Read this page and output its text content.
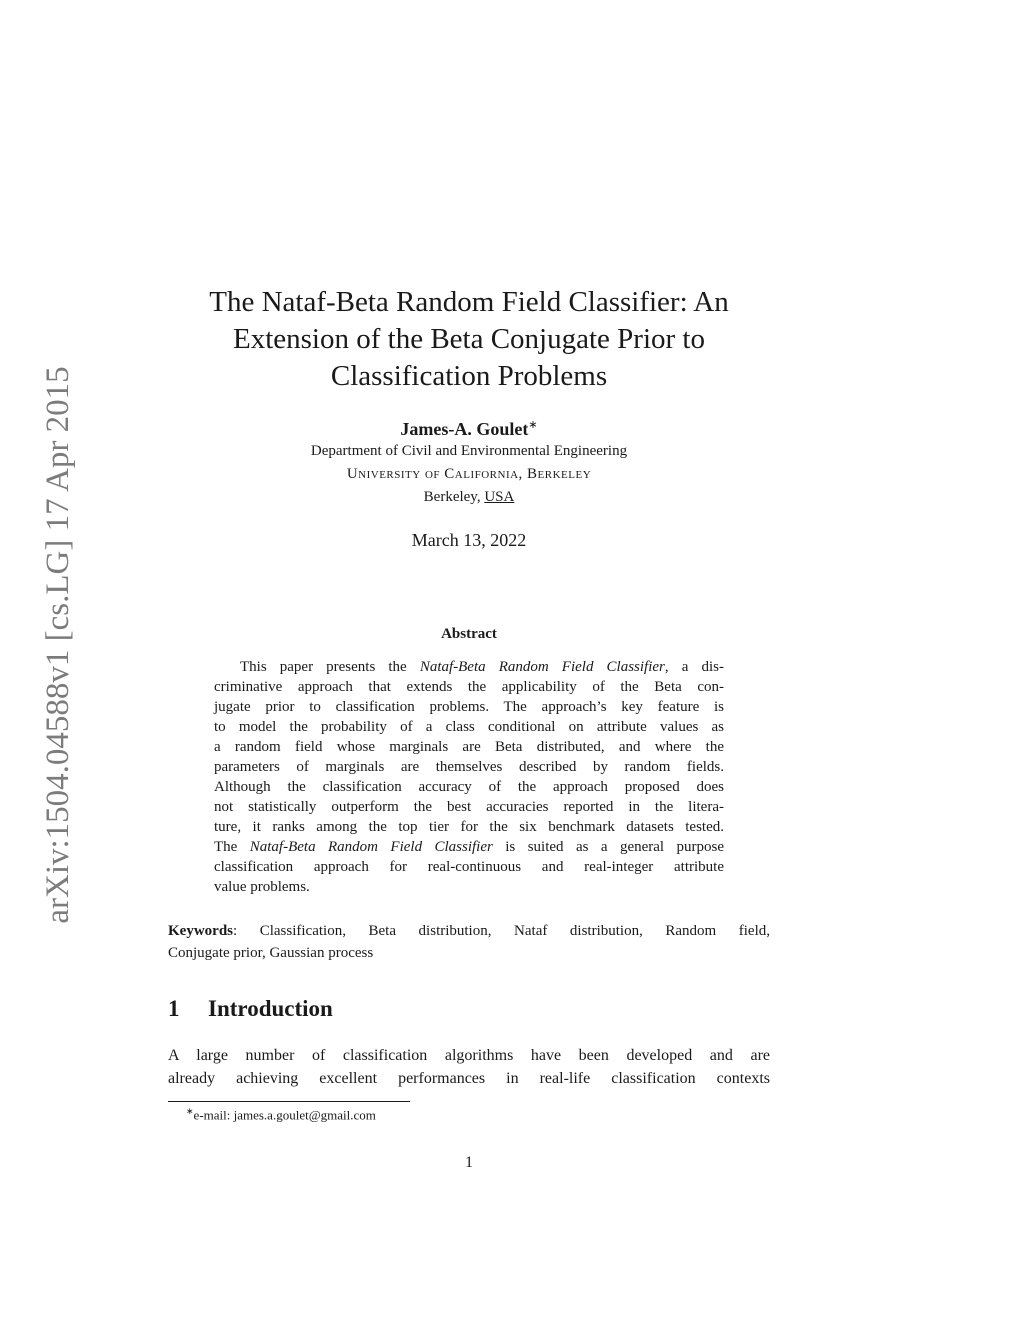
arXiv:1504.04588v1 [cs.LG] 17 Apr 2015
The Nataf-Beta Random Field Classifier: An
Extension of the Beta Conjugate Prior to
Classification Problems
James-A. Goulet∗
Department of Civil and Environmental Engineering
University of California, Berkeley
Berkeley, USA
March 13, 2022
Abstract
This paper presents the Nataf-Beta Random Field Classifier, a dis-
criminative approach that extends the applicability of the Beta con-
jugate prior to classification problems. The approach’s key feature is
to model the probability of a class conditional on attribute values as
a random field whose marginals are Beta distributed, and where the
parameters of marginals are themselves described by random fields.
Although the classification accuracy of the approach proposed does
not statistically outperform the best accuracies reported in the litera-
ture, it ranks among the top tier for the six benchmark datasets tested.
The Nataf-Beta Random Field Classifier is suited as a general purpose
classification approach for real-continuous and real-integer attribute
value problems.
Keywords: Classification, Beta distribution, Nataf distribution, Random field,
Conjugate prior, Gaussian process
1 Introduction
A large number of classification algorithms have been developed and are
already achieving excellent performances in real-life classification contexts
∗e-mail: james.a.goulet@gmail.com
1
